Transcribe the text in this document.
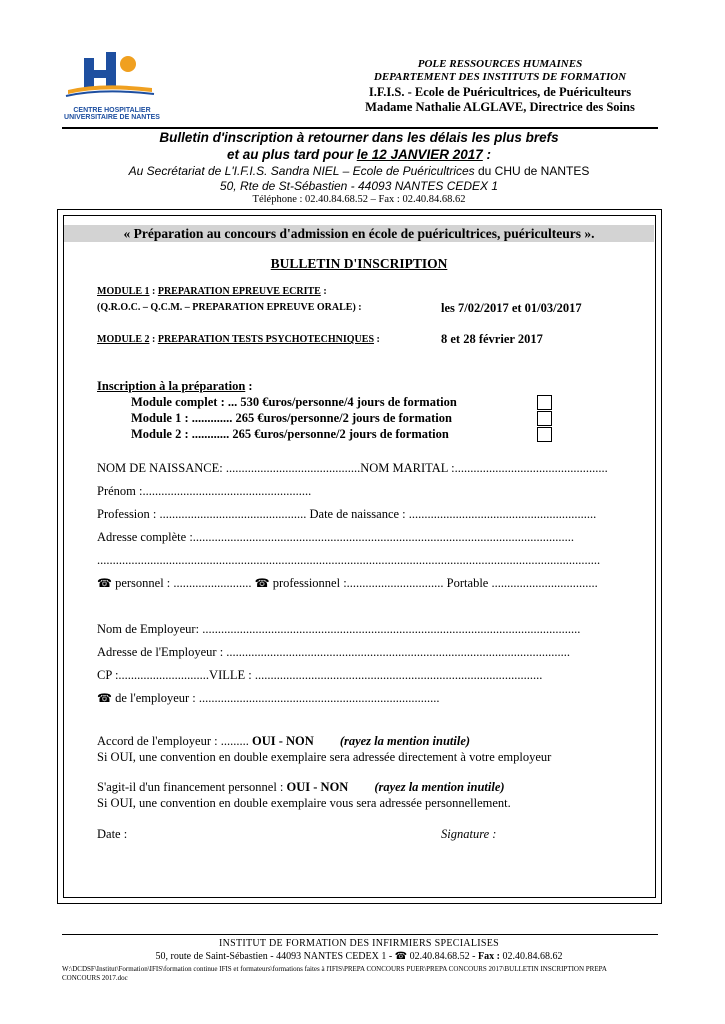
CENTRE HOSPITALIER
UNIVERSITAIRE DE NANTES
POLE RESSOURCES HUMAINES
DEPARTEMENT DES INSTITUTS DE FORMATION
I.F.I.S. - Ecole de Puéricultrices, de Puériculteurs
Madame Nathalie ALGLAVE, Directrice des Soins
Bulletin d'inscription à retourner dans les délais les plus brefs
et au plus tard pour le 12 JANVIER 2017 :
Au Secrétariat de L'I.F.I.S. Sandra NIEL – Ecole de Puéricultrices du CHU de NANTES
50, Rte de St-Sébastien - 44093 NANTES CEDEX 1
Téléphone : 02.40.84.68.52 – Fax : 02.40.84.68.62
« Préparation au concours d'admission en école de puéricultrices, puériculteurs ».
BULLETIN D'INSCRIPTION
MODULE 1 : PREPARATION EPREUVE ECRITE :
(Q.R.O.C. – Q.C.M. – PREPARATION EPREUVE ORALE) :	les 7/02/2017 et 01/03/2017
MODULE 2 : PREPARATION TESTS PSYCHOTECHNIQUES :	8 et 28 février 2017
Inscription à la préparation :
Module complet : ... 530 €uros/personne/4 jours de formation
Module 1 : ............. 265 €uros/personne/2 jours de formation
Module 2 : ............ 265 €uros/personne/2 jours de formation
NOM DE NAISSANCE: ...........................................NOM MARITAL :.................................................
Prénom :......................................................
Profession : ............................................... Date de naissance : ............................................................
Adresse complète :..........................................................................................................................
.................................................................................................................................................................
☎ personnel : ......................... ☎ professionnel :............................... Portable ..................................
Nom de Employeur: .........................................................................................................................
Adresse de l'Employeur : ..............................................................................................................
CP :.............................VILLE : ............................................................................................
☎ de l'employeur : .............................................................................
Accord de l'employeur : ......... OUI - NON (rayez la mention inutile)
Si OUI, une convention en double exemplaire sera adressée directement à votre employeur
S'agit-il d'un financement personnel : OUI - NON (rayez la mention inutile)
Si OUI, une convention en double exemplaire vous sera adressée personnellement.
Date :	Signature :
INSTITUT DE FORMATION DES INFIRMIERS SPECIALISES
50, route de Saint-Sébastien - 44093 NANTES CEDEX 1 - ☎ 02.40.84.68.52 - Fax : 02.40.84.68.62
W:\DCDSF\Institut\Formation\IFIS\formation continue IFIS et formateurs\formations faites à l'IFIS\PREPA CONCOURS PUER\PREPA CONCOURS 2017\BULLETIN INSCRIPTION PREPA
CONCOURS 2017.doc
